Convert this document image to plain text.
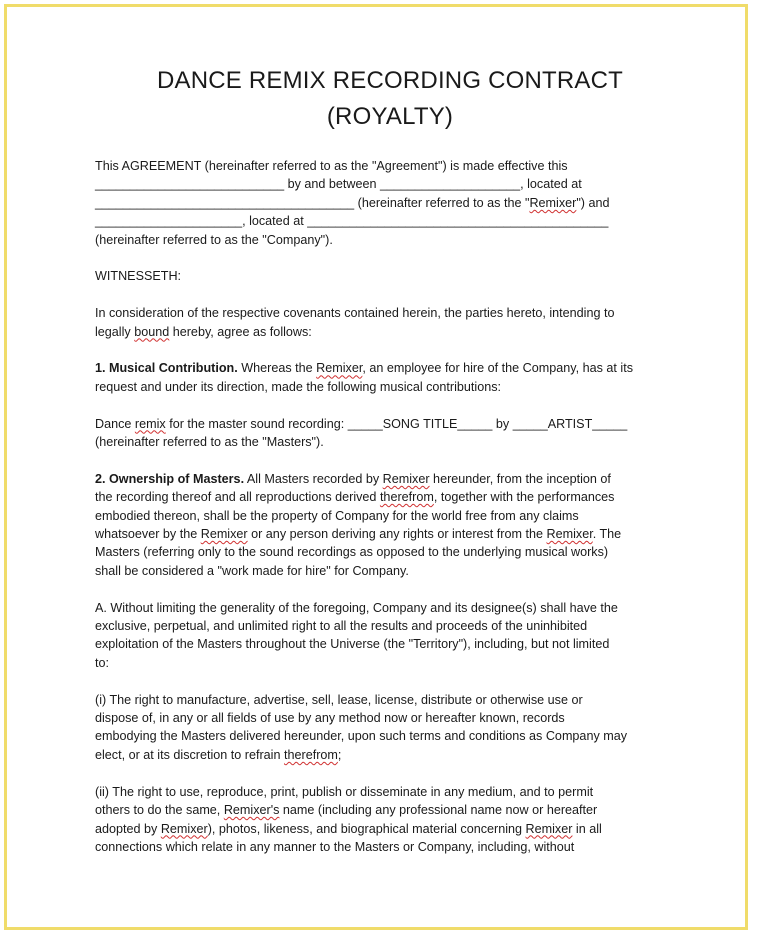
DANCE REMIX RECORDING CONTRACT
(ROYALTY)
This AGREEMENT (hereinafter referred to as the "Agreement") is made effective this
___________________________ by and between ____________________, located at
_____________________________________ (hereinafter referred to as the "Remixer") and
_____________________, located at ___________________________________________
(hereinafter referred to as the "Company").
WITNESSETH:
In consideration of the respective covenants contained herein, the parties hereto, intending to
legally bound hereby, agree as follows:
1. Musical Contribution. Whereas the Remixer, an employee for hire of the Company, has at its
request and under its direction, made the following musical contributions:
Dance remix for the master sound recording: _____SONG TITLE_____ by _____ARTIST_____
(hereinafter referred to as the "Masters").
2. Ownership of Masters. All Masters recorded by Remixer hereunder, from the inception of
the recording thereof and all reproductions derived therefrom, together with the performances
embodied thereon, shall be the property of Company for the world free from any claims
whatsoever by the Remixer or any person deriving any rights or interest from the Remixer. The
Masters (referring only to the sound recordings as opposed to the underlying musical works)
shall be considered a "work made for hire" for Company.
A. Without limiting the generality of the foregoing, Company and its designee(s) shall have the
exclusive, perpetual, and unlimited right to all the results and proceeds of the uninhibited
exploitation of the Masters throughout the Universe (the "Territory"), including, but not limited
to:
(i) The right to manufacture, advertise, sell, lease, license, distribute or otherwise use or
dispose of, in any or all fields of use by any method now or hereafter known, records
embodying the Masters delivered hereunder, upon such terms and conditions as Company may
elect, or at its discretion to refrain therefrom;
(ii) The right to use, reproduce, print, publish or disseminate in any medium, and to permit
others to do the same, Remixer's name (including any professional name now or hereafter
adopted by Remixer), photos, likeness, and biographical material concerning Remixer in all
connections which relate in any manner to the Masters or Company, including, without
